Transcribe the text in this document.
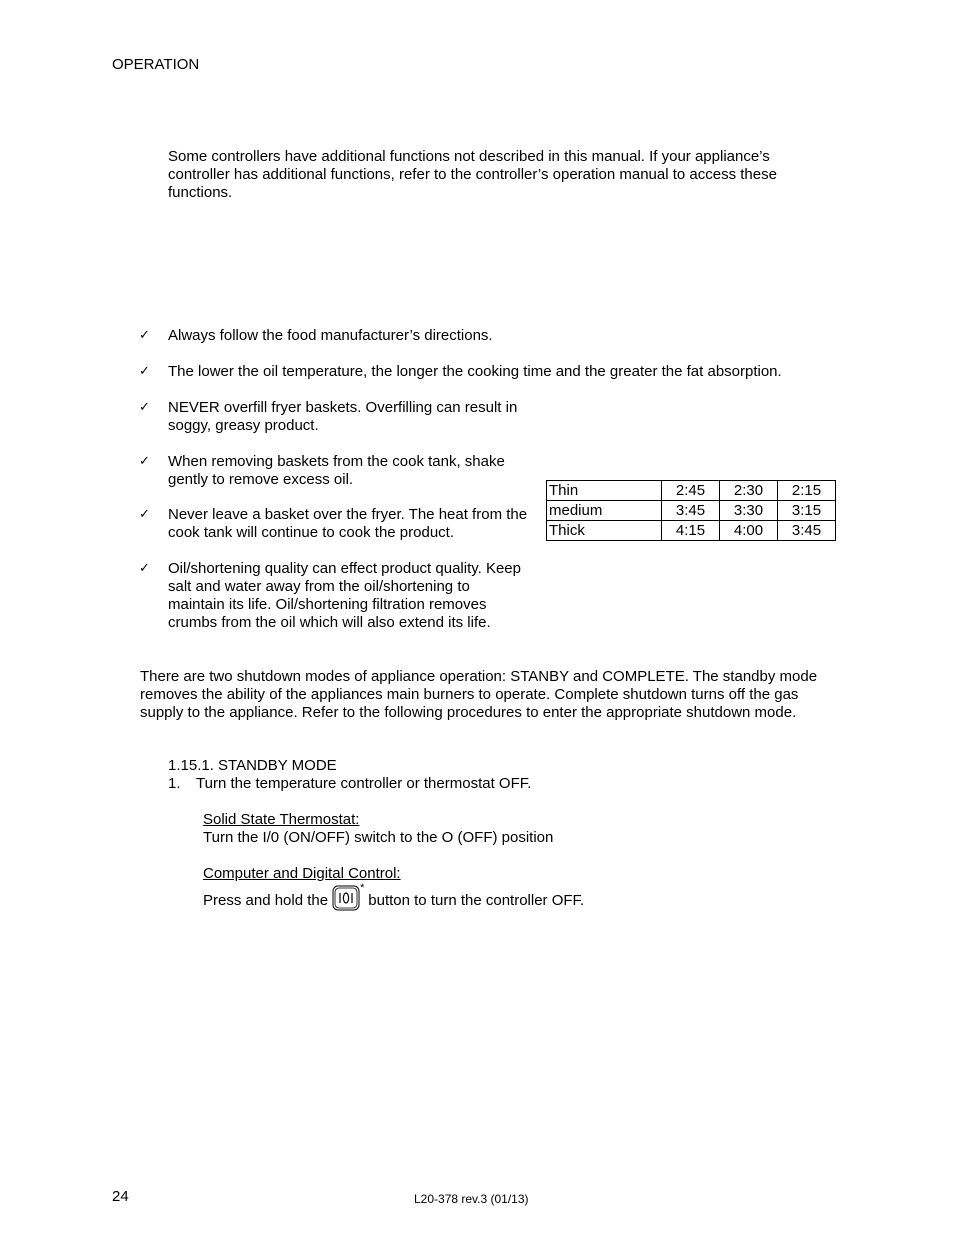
OPERATION
Some controllers have additional functions not described in this manual. If your appliance’s controller has additional functions, refer to the controller’s operation manual to access these functions.
✓ Always follow the food manufacturer’s directions.
✓ The lower the oil temperature, the longer the cooking time and the greater the fat absorption.
✓ NEVER overfill fryer baskets. Overfilling can result in soggy, greasy product.
✓ When removing baskets from the cook tank, shake gently to remove excess oil.
✓ Never leave a basket over the fryer. The heat from the cook tank will continue to cook the product.
✓ Oil/shortening quality can effect product quality. Keep salt and water away from the oil/shortening to maintain its life. Oil/shortening filtration removes crumbs from the oil which will also extend its life.
Thin	2:45	2:30	2:15
medium	3:45	3:30	3:15
Thick	4:15	4:00	3:45
There are two shutdown modes of appliance operation: STANBY and COMPLETE. The standby mode removes the ability of the appliances main burners to operate. Complete shutdown turns off the gas supply to the appliance. Refer to the following procedures to enter the appropriate shutdown mode.
1.15.1. STANDBY MODE
1. Turn the temperature controller or thermostat OFF.
Solid State Thermostat:
Turn the I/0 (ON/OFF) switch to the O (OFF) position
Computer and Digital Control:
Press and hold the
*
button to turn the controller OFF.
24	L20-378 rev.3 (01/13)
